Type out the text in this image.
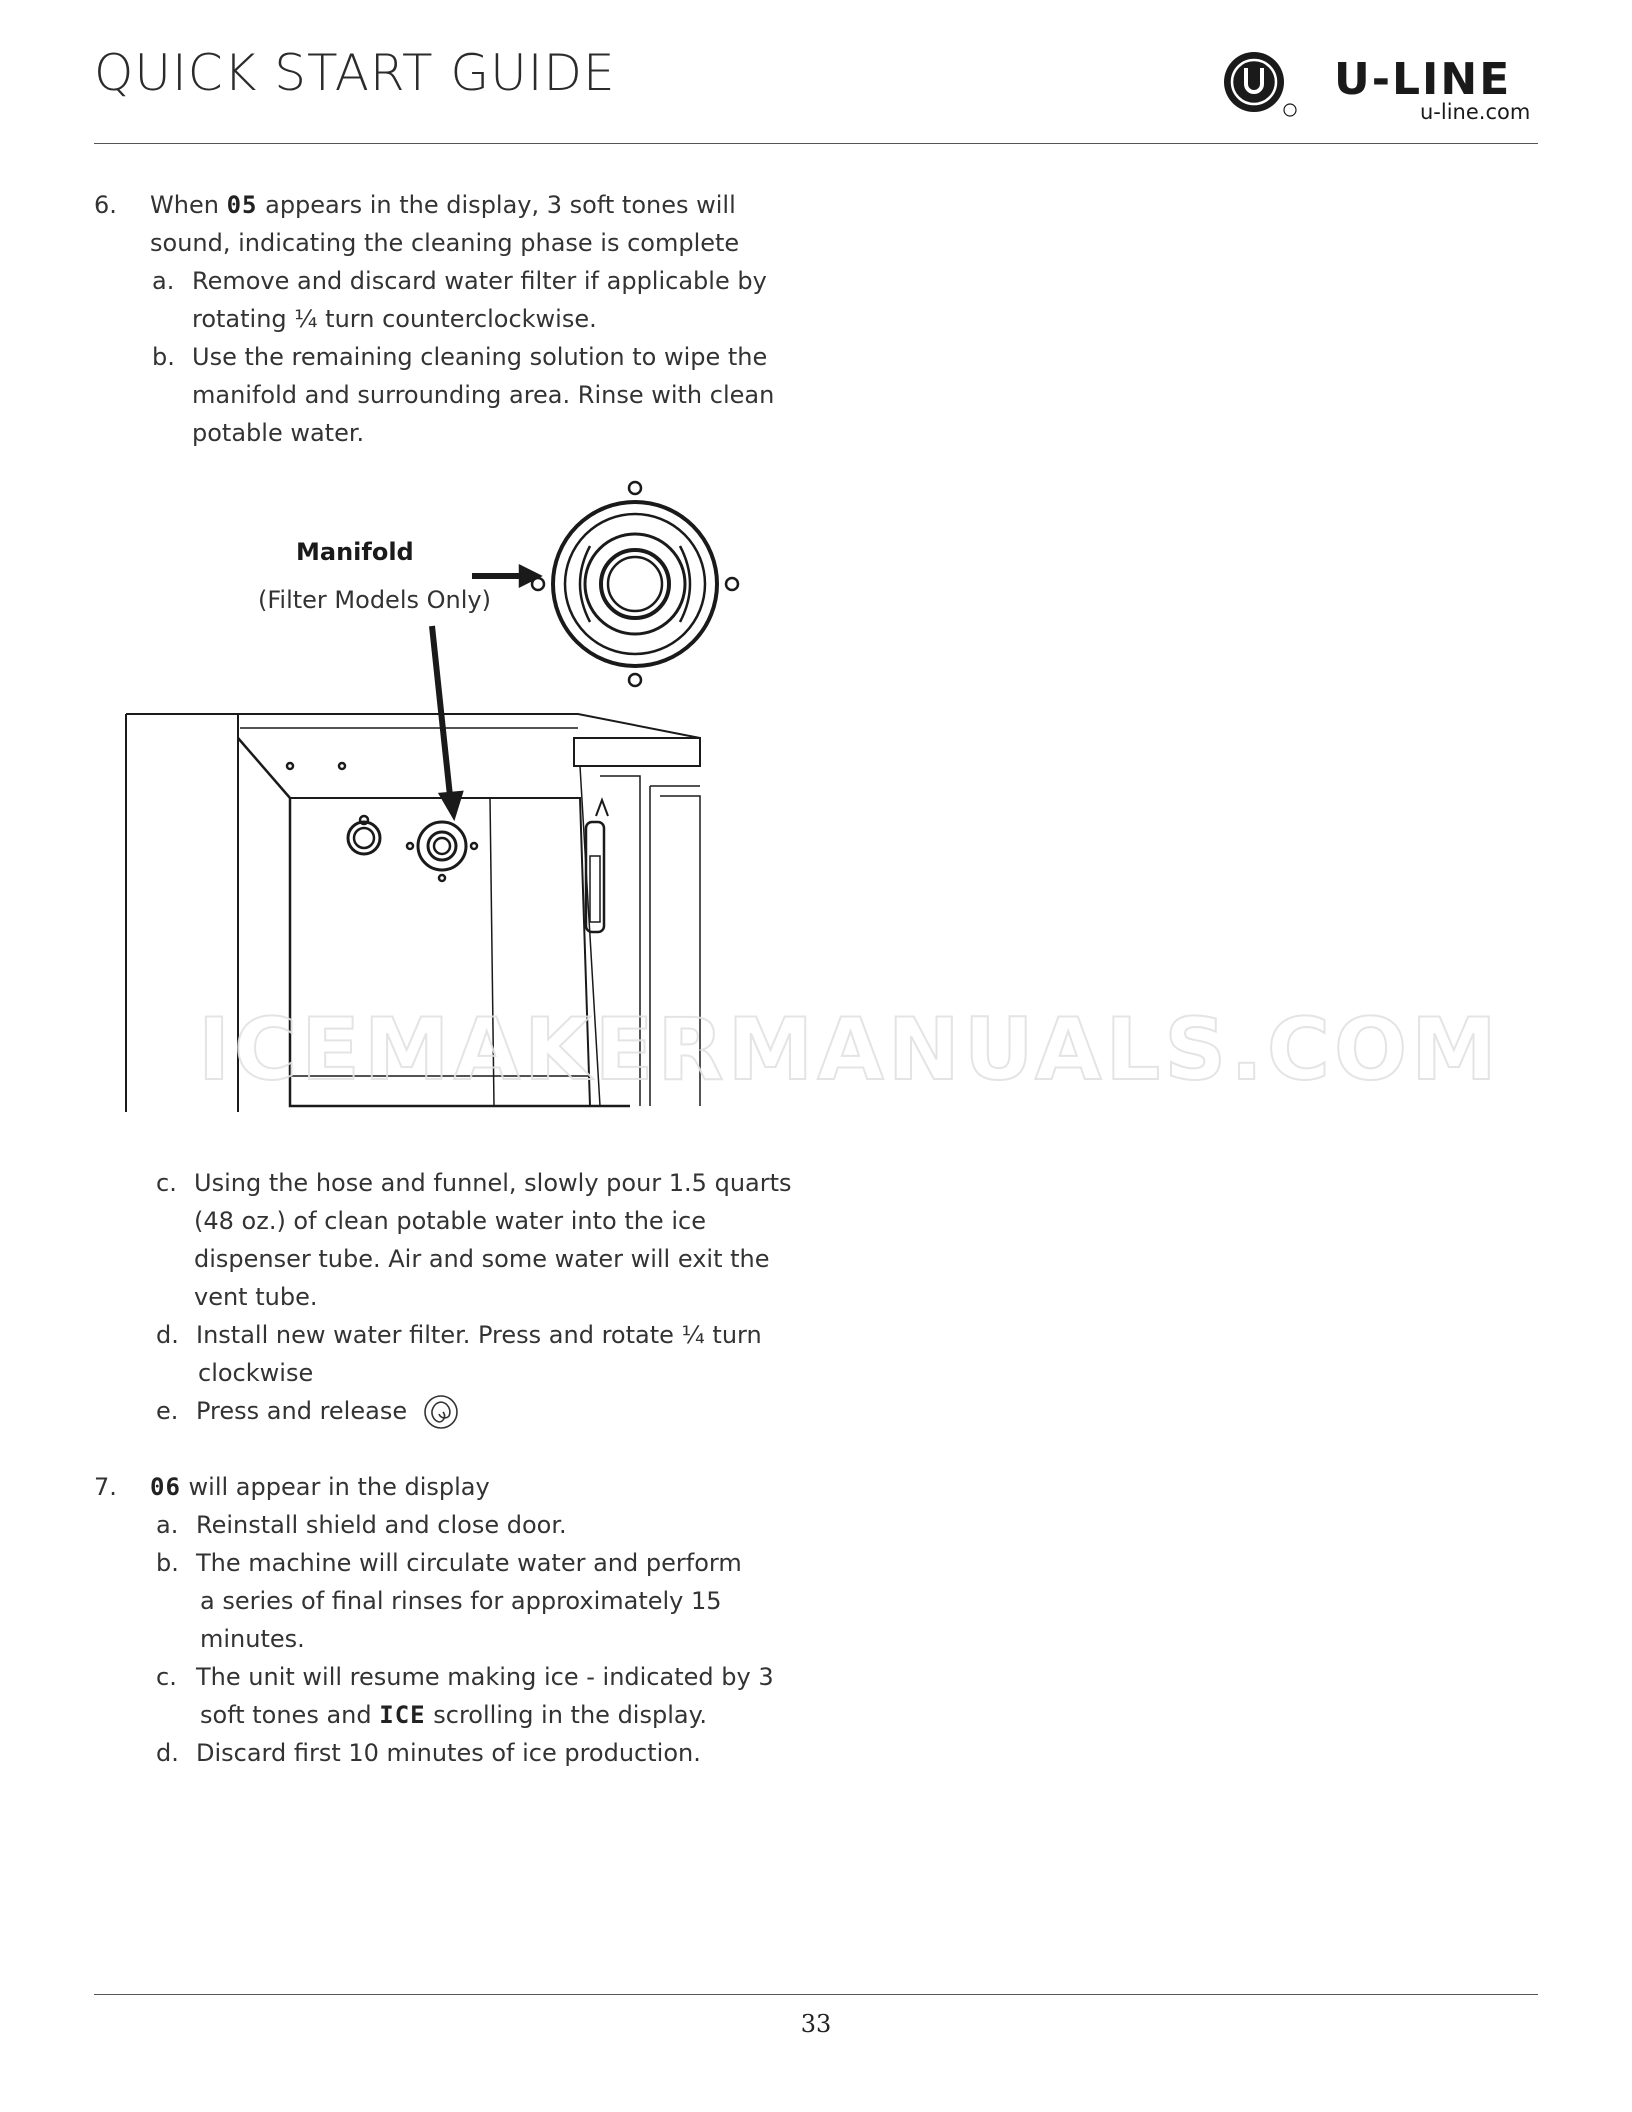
QUICK START GUIDE	U-LINE
u-line.com
6. When 05 appears in the display, 3 soft tones will
sound, indicating the cleaning phase is complete
a. Remove and discard water filter if applicable by
rotating ¼ turn counterclockwise.
b. Use the remaining cleaning solution to wipe the
manifold and surrounding area. Rinse with clean
potable water.
Manifold
(Filter Models Only)
ICEMAKERMANUALS.COM
c. Using the hose and funnel, slowly pour 1.5 quarts
(48 oz.) of clean potable water into the ice
dispenser tube. Air and some water will exit the
vent tube.
d. Install new water filter. Press and rotate ¼ turn
clockwise
e. Press and release
7. 06 will appear in the display
a. Reinstall shield and close door.
b. The machine will circulate water and perform
a series of final rinses for approximately 15
minutes.
c. The unit will resume making ice - indicated by 3
soft tones and ICE scrolling in the display.
d. Discard first 10 minutes of ice production.
33
